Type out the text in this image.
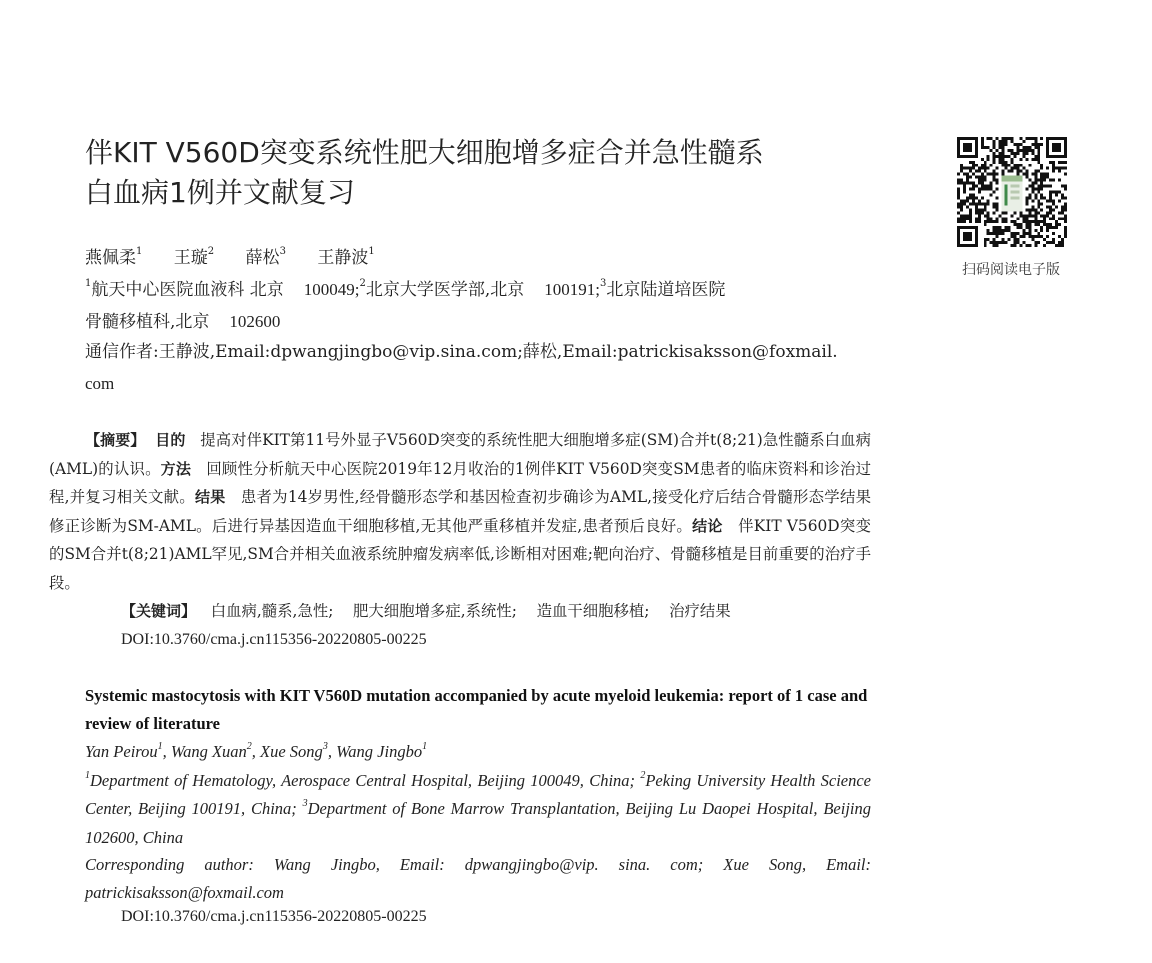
伴KIT V560D突变系统性肥大细胞增多症合并急性髓系
白血病1例并文献复习
扫码阅读电子版
燕佩柔$^1$ 王璇$^2$ 薛松$^3$ 王静波$^1$
$^1$航天中心医院血液科 北京 100049;$^2$北京大学医学部,北京 100191;$^3$北京陆道培医院
骨髓移植科,北京 102600
通信作者:王静波,Email:dpwangjingbo@vip.sina.com;薛松,Email:patrickisaksson@foxmail.
com
【摘要】 目的 提高对伴KIT第11号外显子V560D突变的系统性肥大细胞增多症(SM)合并t(8;21)急性髓系白血病(AML)的认识。方法 回顾性分析航天中心医院2019年12月收治的1例伴KIT V560D突变SM患者的临床资料和诊治过程,并复习相关文献。结果 患者为14岁男性,经骨髓形态学和基因检查初步确诊为AML,接受化疗后结合骨髓形态学结果修正诊断为SM-AML。后进行异基因造血干细胞移植,无其他严重移植并发症,患者预后良好。结论 伴KIT V560D突变的SM合并t(8;21)AML罕见,SM合并相关血液系统肿瘤发病率低,诊断相对困难;靶向治疗、骨髓移植是目前重要的治疗手段。
【关键词】 白血病,髓系,急性; 肥大细胞增多症,系统性; 造血干细胞移植; 治疗结果
DOI:10.3760/cma.j.cn115356-20220805-00225
Systemic mastocytosis with KIT V560D mutation accompanied by acute myeloid leukemia: report of 1 case and review of literature
Yan Peirou$^1$, Wang Xuan$^2$, Xue Song$^3$, Wang Jingbo$^1$
$^1$Department of Hematology, Aerospace Central Hospital, Beijing 100049, China; $^2$Peking University Health Science Center, Beijing 100191, China; $^3$Department of Bone Marrow Transplantation, Beijing Lu Daopei Hospital, Beijing 102600, China
Corresponding author: Wang Jingbo, Email: dpwangjingbo@vip. sina. com; Xue Song, Email: patrickisaksson@foxmail.com
DOI:10.3760/cma.j.cn115356-20220805-00225
